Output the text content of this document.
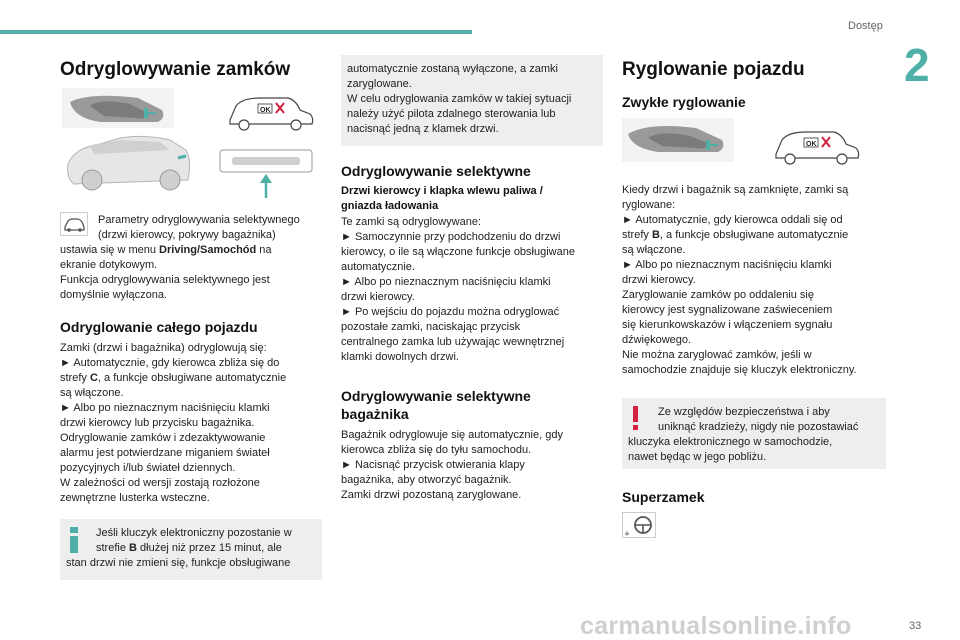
Dostęp
2
Odryglowywanie zamków
OK
Parametry odryglowywania selektywnego
(drzwi kierowcy, pokrywy bagażnika)
ustawia się w menu Driving/Samochód na
ekranie dotykowym.
Funkcja odryglowywania selektywnego jest
domyślnie wyłączona.
Odryglowanie całego pojazdu
Zamki (drzwi i bagażnika) odryglowują się:
► Automatycznie, gdy kierowca zbliża się do
strefy C, a funkcje obsługiwane automatycznie
są włączone.
► Albo po nieznacznym naciśnięciu klamki
drzwi kierowcy lub przycisku bagażnika.
Odryglowanie zamków i zdezaktywowanie
alarmu jest potwierdzane miganiem świateł
pozycyjnych i/lub świateł dziennych.
W zależności od wersji zostają rozłożone
zewnętrzne lusterka wsteczne.
Jeśli kluczyk elektroniczny pozostanie w
strefie B dłużej niż przez 15 minut, ale
stan drzwi nie zmieni się, funkcje obsługiwane
automatycznie zostaną wyłączone, a zamki
zaryglowane.
W celu odryglowania zamków w takiej sytuacji
należy użyć pilota zdalnego sterowania lub
nacisnąć jedną z klamek drzwi.
Odryglowywanie selektywne
Drzwi kierowcy i klapka wlewu paliwa /
gniazda ładowania
Te zamki są odryglowywane:
► Samoczynnie przy podchodzeniu do drzwi
kierowcy, o ile są włączone funkcje obsługiwane
automatycznie.
► Albo po nieznacznym naciśnięciu klamki
drzwi kierowcy.
► Po wejściu do pojazdu można odryglować
pozostałe zamki, naciskając przycisk
centralnego zamka lub używając wewnętrznej
klamki dowolnych drzwi.
Odryglowywanie selektywne
bagażnika
Bagażnik odryglowuje się automatycznie, gdy
kierowca zbliża się do tyłu samochodu.
► Nacisnąć przycisk otwierania klapy
bagażnika, aby otworzyć bagażnik.
Zamki drzwi pozostaną zaryglowane.
Ryglowanie pojazdu
Zwykłe ryglowanie
OK
Kiedy drzwi i bagażnik są zamknięte, zamki są
ryglowane:
► Automatycznie, gdy kierowca oddali się od
strefy B, a funkcje obsługiwane automatycznie
są włączone.
► Albo po nieznacznym naciśnięciu klamki
drzwi kierowcy.
Zaryglowanie zamków po oddaleniu się
kierowcy jest sygnalizowane zaświeceniem
się kierunkowskazów i włączeniem sygnału
dźwiękowego.
Nie można zaryglować zamków, jeśli w
samochodzie znajduje się kluczyk elektroniczny.
Ze względów bezpieczeństwa i aby
uniknąć kradzieży, nigdy nie pozostawiać
kluczyka elektronicznego w samochodzie,
nawet będąc w jego pobliżu.
Superzamek
carmanualsonline.info	33
